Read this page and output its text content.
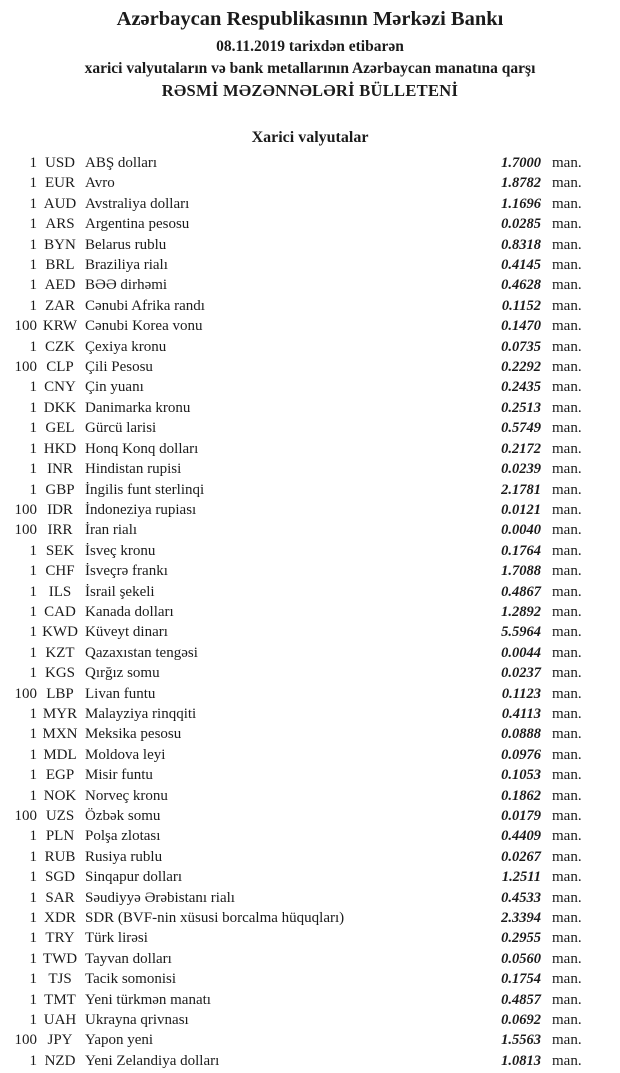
Azərbaycan Respublikasının Mərkəzi Bankı
08.11.2019 tarixdən etibarən
xarici valyutaların və bank metallarının Azərbaycan manatına qarşı
RƏSMİ MƏZƏNNƏLƏRİ BÜLLETENİ
Xarici valyutalar
1 USD ABŞ dolları	1.7000 man.
1 EUR Avro	1.8782 man.
1 AUD Avstraliya dolları	1.1696 man.
1 ARS Argentina pesosu	0.0285 man.
1 BYN Belarus rublu	0.8318 man.
1 BRL Braziliya rialı	0.4145 man.
1 AED BƏƏ dirhəmi	0.4628 man.
1 ZAR Cənubi Afrika randı	0.1152 man.
100 KRW Cənubi Korea vonu	0.1470 man.
1 CZK Çexiya kronu	0.0735 man.
100 CLP Çili Pesosu	0.2292 man.
1 CNY Çin yuanı	0.2435 man.
1 DKK Danimarka kronu	0.2513 man.
1 GEL Gürcü larisi	0.5749 man.
1 HKD Honq Konq dolları	0.2172 man.
1 INR Hindistan rupisi	0.0239 man.
1 GBP İngilis funt sterlinqi	2.1781 man.
100 IDR İndoneziya rupiası	0.0121 man.
100 IRR İran rialı	0.0040 man.
1 SEK İsveç kronu	0.1764 man.
1 CHF İsveçrə frankı	1.7088 man.
1 ILS İsrail şekeli	0.4867 man.
1 CAD Kanada dolları	1.2892 man.
1 KWD Küveyt dinarı	5.5964 man.
1 KZT Qazaxıstan tengəsi	0.0044 man.
1 KGS Qırğız somu	0.0237 man.
100 LBP Livan funtu	0.1123 man.
1 MYR Malayziya rinqqiti	0.4113 man.
1 MXN Meksika pesosu	0.0888 man.
1 MDL Moldova leyi	0.0976 man.
1 EGP Misir funtu	0.1053 man.
1 NOK Norveç kronu	0.1862 man.
100 UZS Özbək somu	0.0179 man.
1 PLN Polşa zlotası	0.4409 man.
1 RUB Rusiya rublu	0.0267 man.
1 SGD Sinqapur dolları	1.2511 man.
1 SAR Səudiyyə Ərəbistanı rialı	0.4533 man.
1 XDR SDR (BVF-nin xüsusi borcalma hüquqları)	2.3394 man.
1 TRY Türk lirəsi	0.2955 man.
1 TWD Tayvan dolları	0.0560 man.
1 TJS Tacik somonisi	0.1754 man.
1 TMT Yeni türkmən manatı	0.4857 man.
1 UAH Ukrayna qrivnası	0.0692 man.
100 JPY Yapon yeni	1.5563 man.
1 NZD Yeni Zelandiya dolları	1.0813 man.
